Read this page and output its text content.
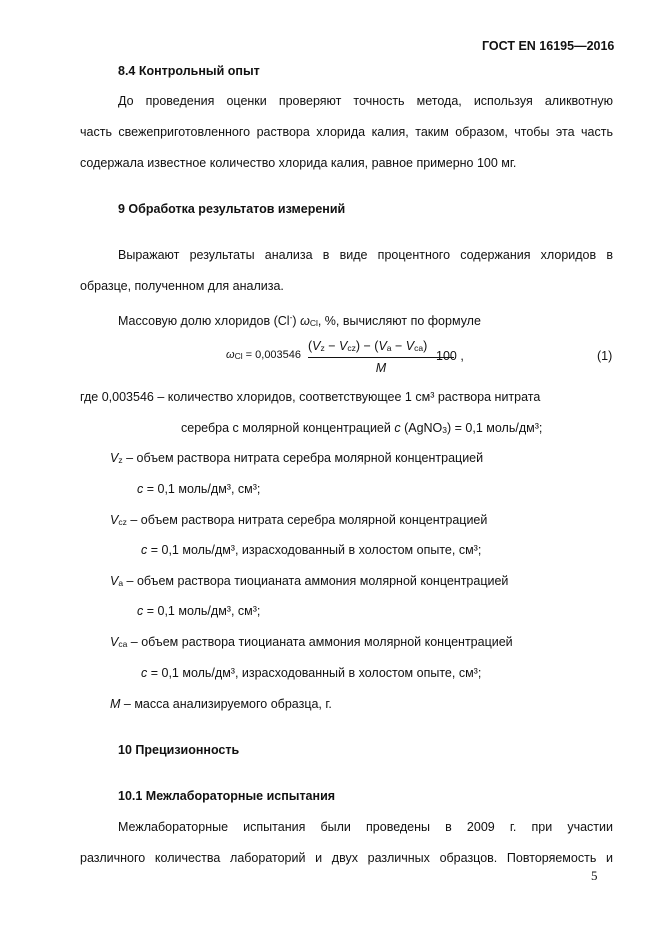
ГОСТ EN 16195—2016
8.4 Контрольный опыт
До проведения оценки проверяют точность метода, используя аликвотную
часть свежеприготовленного раствора хлорида калия, таким образом, чтобы эта часть
содержала известное количество хлорида калия, равное примерно 100 мг.
9 Обработка результатов измерений
Выражают результаты анализа в виде процентного содержания хлоридов в
образце, полученном для анализа.
Массовую долю хлоридов (Cl-) ωCl, %, вычисляют по формуле
ωCl = 0,003546
(Vz − Vcz) − (Va − Vca)
M
100 ,	(1)
где 0,003546 – количество хлоридов, соответствующее 1 см³ раствора нитрата
серебра с молярной концентрацией c (AgNO3) = 0,1 моль/дм³;
Vz – объем раствора нитрата серебра молярной концентрацией
c = 0,1 моль/дм³, см³;
Vcz – объем раствора нитрата серебра молярной концентрацией
c = 0,1 моль/дм³, израсходованный в холостом опыте, см³;
Va – объем раствора тиоцианата аммония молярной концентрацией
c = 0,1 моль/дм³, см³;
Vca – объем раствора тиоцианата аммония молярной концентрацией
c = 0,1 моль/дм³, израсходованный в холостом опыте, см³;
M – масса анализируемого образца, г.
10 Прецизионность
10.1 Межлабораторные испытания
Межлабораторные испытания были проведены в 2009 г. при участии
различного количества лабораторий и двух различных образцов. Повторяемость и
5
